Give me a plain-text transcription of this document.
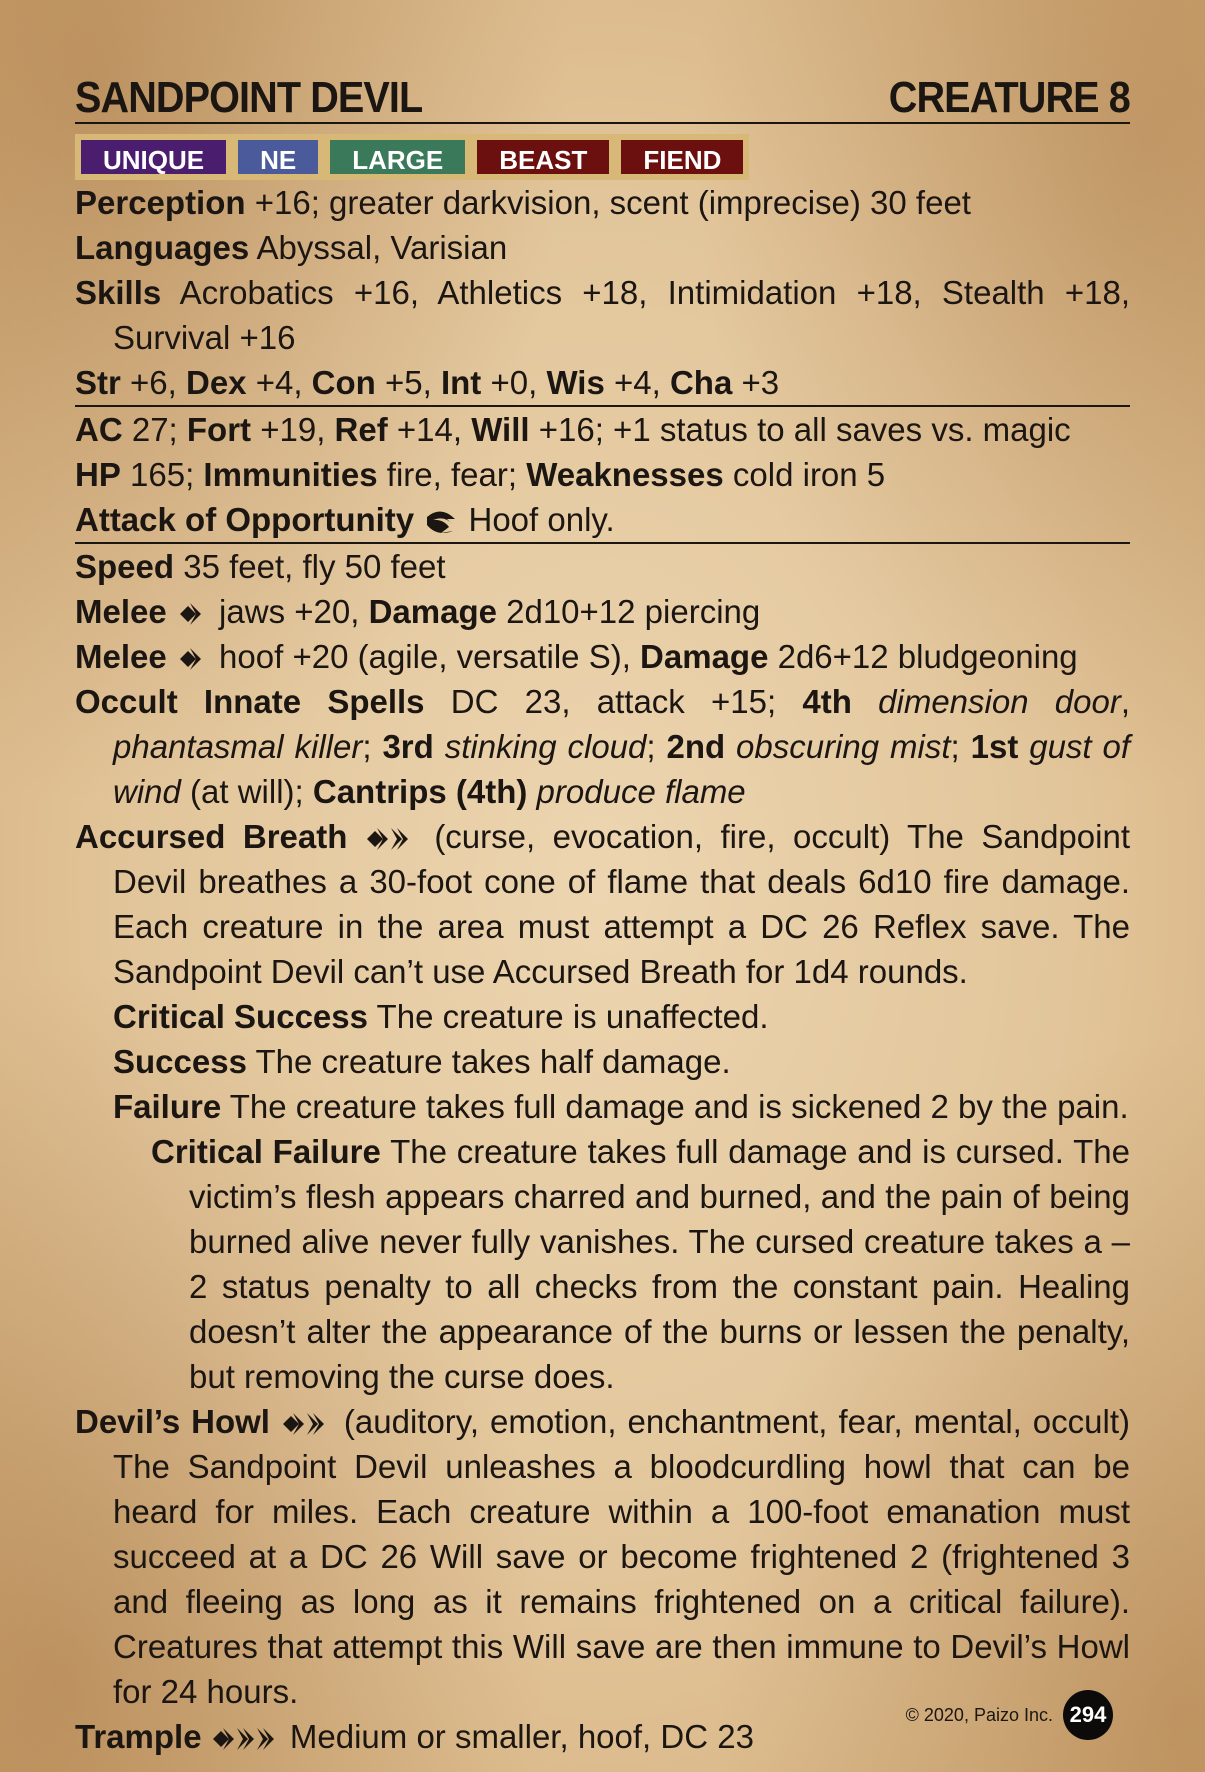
SANDPOINT DEVIL	CREATURE 8
UNIQUE	NE	LARGE	BEAST	FIEND
Perception +16; greater darkvision, scent (imprecise) 30 feet
Languages Abyssal, Varisian
Skills Acrobatics +16, Athletics +18, Intimidation +18, Stealth +18, Survival +16
Str +6, Dex +4, Con +5, Int +0, Wis +4, Cha +3
AC 27; Fort +19, Ref +14, Will +16; +1 status to all saves vs. magic
HP 165; Immunities fire, fear; Weaknesses cold iron 5
Attack of Opportunity  Hoof only.
Speed 35 feet, fly 50 feet
Melee  jaws +20, Damage 2d10+12 piercing
Melee  hoof +20 (agile, versatile S), Damage 2d6+12 bludgeoning
Occult Innate Spells DC 23, attack +15; 4th dimension door, phantasmal killer; 3rd stinking cloud; 2nd obscuring mist; 1st gust of wind (at will); Cantrips (4th) produce flame
Accursed Breath  (curse, evocation, fire, occult) The Sandpoint Devil breathes a 30-foot cone of flame that deals 6d10 fire damage. Each creature in the area must attempt a DC 26 Reflex save. The Sandpoint Devil can’t use Accursed Breath for 1d4 rounds.
Critical Success The creature is unaffected.
Success The creature takes half damage.
Failure The creature takes full damage and is sickened 2 by the pain.
Critical Failure The creature takes full damage and is cursed. The victim’s flesh appears charred and burned, and the pain of being burned alive never fully vanishes. The cursed creature takes a –2 status penalty to all checks from the constant pain. Healing doesn’t alter the appearance of the burns or lessen the penalty, but removing the curse does.
Devil’s Howl  (auditory, emotion, enchantment, fear, mental, occult) The Sandpoint Devil unleashes a bloodcurdling howl that can be heard for miles. Each creature within a 100-foot emanation must succeed at a DC 26 Will save or become frightened 2 (frightened 3 and fleeing as long as it remains frightened on a critical failure). Creatures that attempt this Will save are then immune to Devil’s Howl for 24 hours.
Trample  Medium or smaller, hoof, DC 23
© 2020, Paizo Inc. 294
